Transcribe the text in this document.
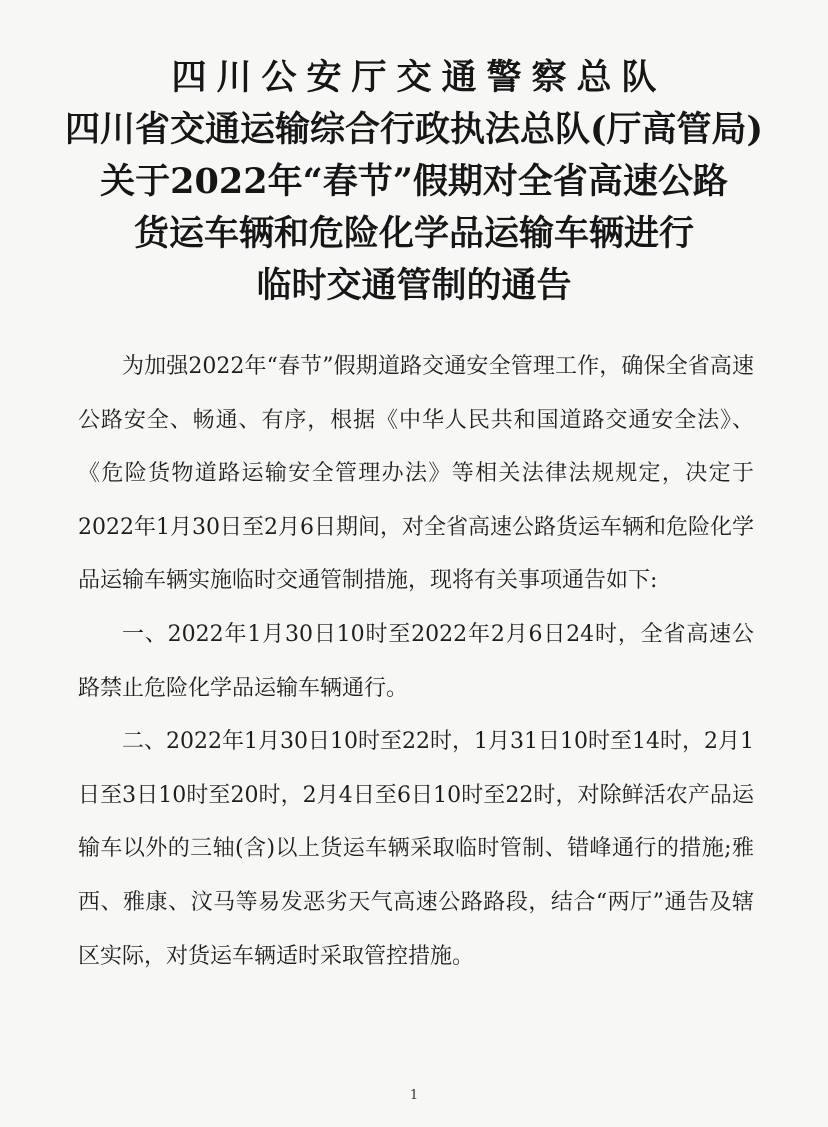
四川公安厅交通警察总队
四川省交通运输综合行政执法总队(厅高管局)
关于2022年“春节”假期对全省高速公路
货运车辆和危险化学品运输车辆进行
临时交通管制的通告

为加强2022年“春节”假期道路交通安全管理工作，确保全省高速公路安全、畅通、有序，根据《中华人民共和国道路交通安全法》、《危险货物道路运输安全管理办法》等相关法律法规规定，决定于2022年1月30日至2月6日期间，对全省高速公路货运车辆和危险化学品运输车辆实施临时交通管制措施，现将有关事项通告如下:

一、2022年1月30日10时至2022年2月6日24时，全省高速公路禁止危险化学品运输车辆通行。

二、2022年1月30日10时至22时，1月31日10时至14时，2月1日至3日10时至20时，2月4日至6日10时至22时，对除鲜活农产品运输车以外的三轴(含)以上货运车辆采取临时管制、错峰通行的措施;雅西、雅康、汶马等易发恶劣天气高速公路路段，结合“两厅”通告及辖区实际，对货运车辆适时采取管控措施。

1
